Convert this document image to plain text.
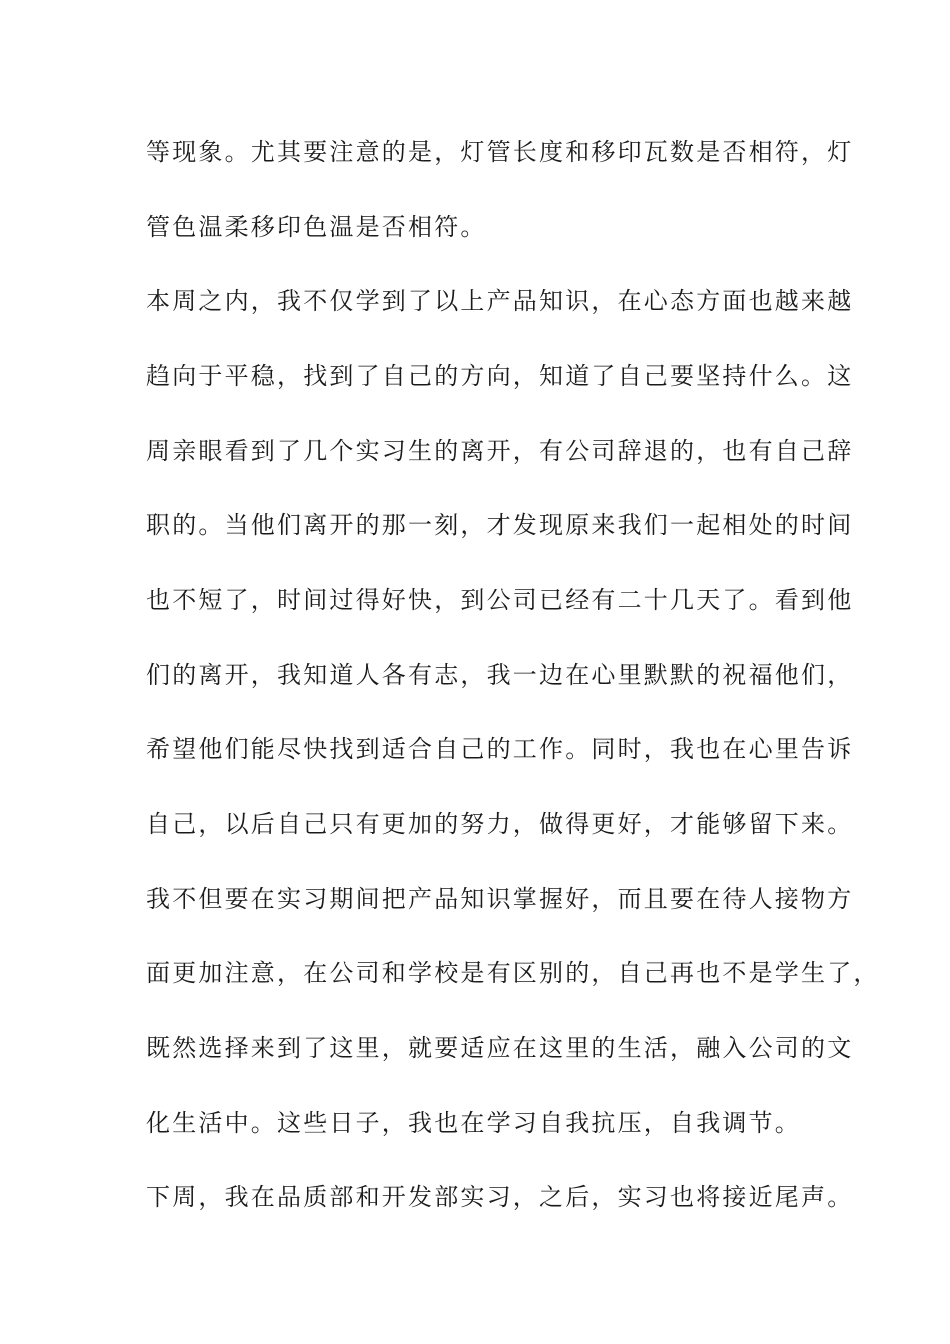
等现象。尤其要注意的是，灯管长度和移印瓦数是否相符，灯
管色温柔移印色温是否相符。
本周之内，我不仅学到了以上产品知识，在心态方面也越来越
趋向于平稳，找到了自己的方向，知道了自己要坚持什么。这
周亲眼看到了几个实习生的离开，有公司辞退的，也有自己辞
职的。当他们离开的那一刻，才发现原来我们一起相处的时间
也不短了，时间过得好快，到公司已经有二十几天了。看到他
们的离开，我知道人各有志，我一边在心里默默的祝福他们，
希望他们能尽快找到适合自己的工作。同时，我也在心里告诉
自己，以后自己只有更加的努力，做得更好，才能够留下来。
我不但要在实习期间把产品知识掌握好，而且要在待人接物方
面更加注意，在公司和学校是有区别的，自己再也不是学生了，
既然选择来到了这里，就要适应在这里的生活，融入公司的文
化生活中。这些日子，我也在学习自我抗压，自我调节。
下周，我在品质部和开发部实习，之后，实习也将接近尾声。
